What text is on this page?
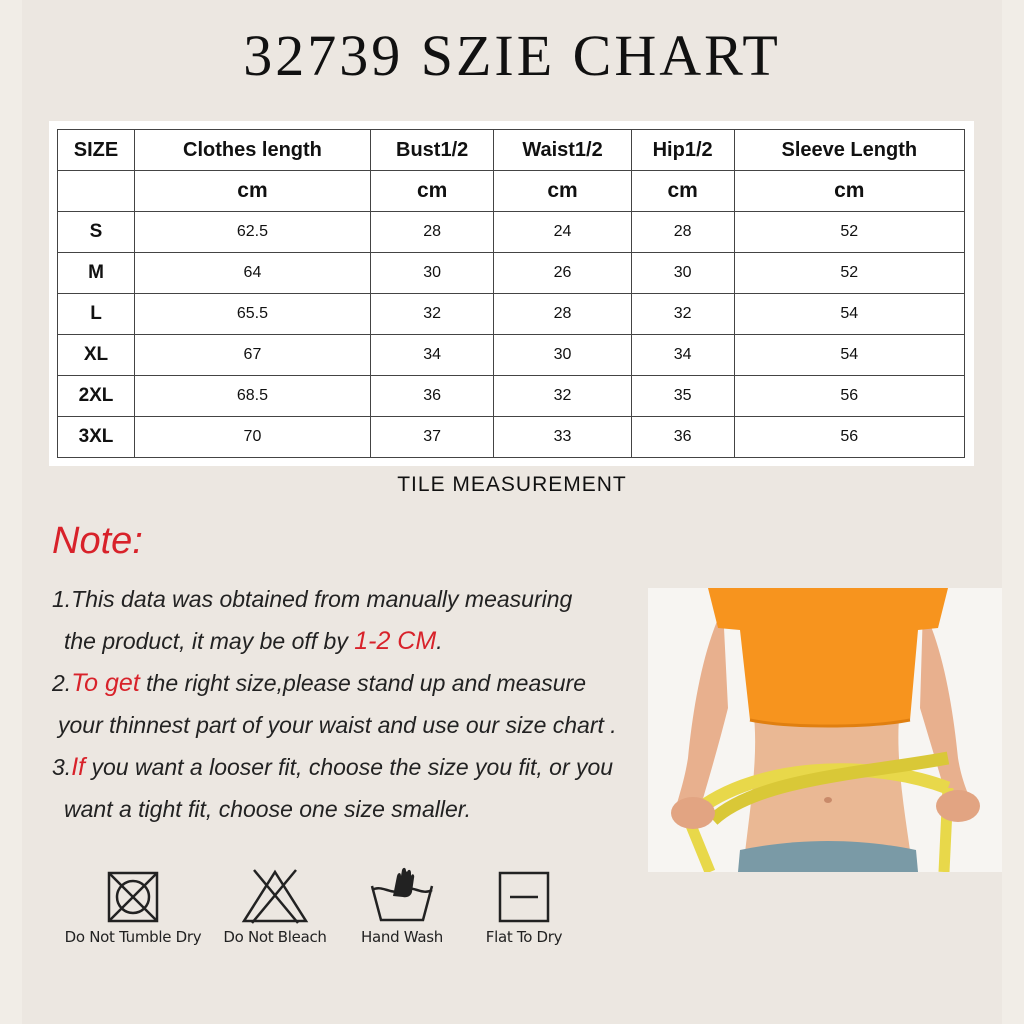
32739 SZIE CHART
SIZE	Clothes length	Bust1/2	Waist1/2	Hip1/2	Sleeve Length
	cm	cm	cm	cm	cm
S	62.5	28	24	28	52
M	64	30	26	30	52
L	65.5	32	28	32	54
XL	67	34	30	34	54
2XL	68.5	36	32	35	56
3XL	70	37	33	36	56
TILE MEASUREMENT
Note:
1.This data was obtained from manually measuring
the product, it may be off by 1-2 CM.
2.To get the right size,please stand up and measure
your thinnest part of your waist and use our size chart .
3.If you want a looser fit, choose the size you fit, or you
want a tight fit, choose one size smaller.
Do Not Tumble Dry	Do Not Bleach	Hand Wash	Flat To Dry
